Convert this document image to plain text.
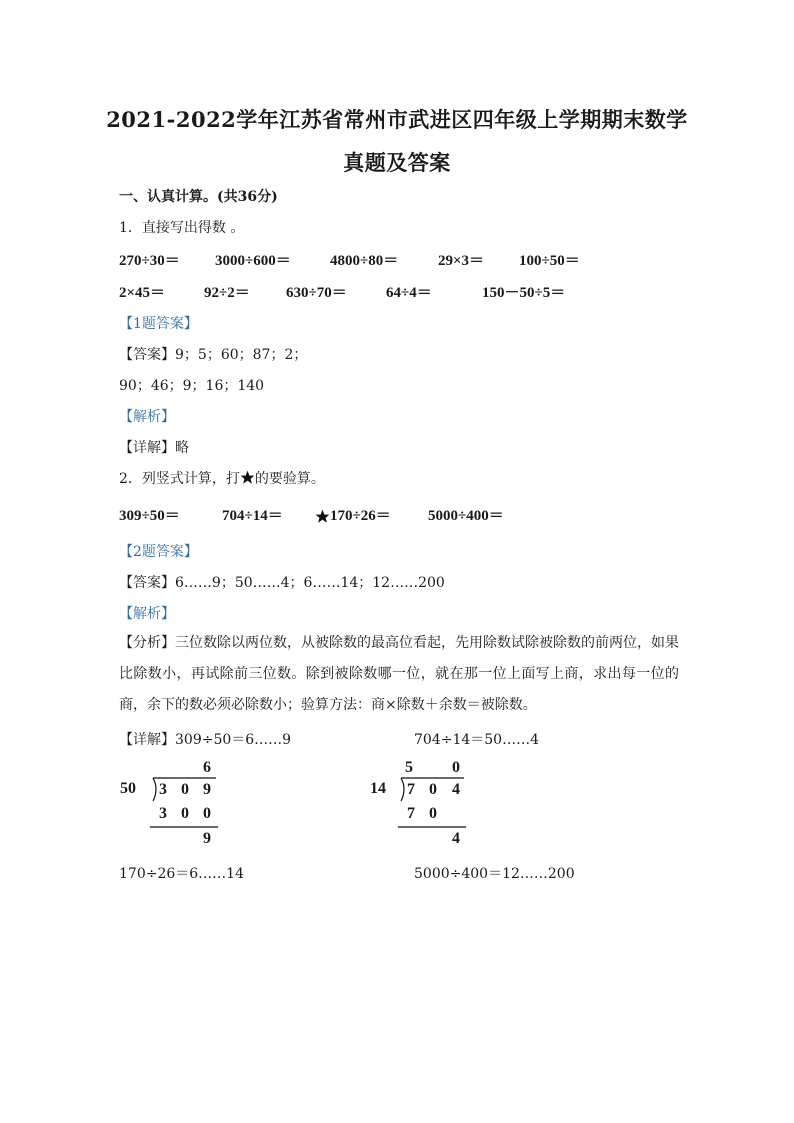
2021-2022学年江苏省常州市武进区四年级上学期期末数学
真题及答案
一、认真计算。(共36分)
1．直接写出得数 。
270÷30＝ 3000÷600＝	4800÷80＝	29×3＝ 100÷50＝
2×45＝	92÷2＝ 630÷70＝	64÷4＝	150－50÷5＝
【1题答案】
【答案】9；5；60；87；2；
90；46；9；16；140
【解析】
【详解】略
2．列竖式计算，打 的要验算。
309÷50＝	704÷14＝	170÷26＝ 5000÷400＝
【2题答案】
【答案】6……9；50……4；6……14；12……200
【解析】
【分析】三位数除以两位数，从被除数的最高位看起，先用除数试除被除数的前两位，如果比除数小，再试除前三位数。除到被除数哪一位，就在那一位上面写上商，求出每一位的商，余下的数必须必除数小；验算方法：商×除数＋余数＝被除数。
【详解】309÷50＝6……9	704÷14＝50……4
6
50 3 0 9
3 0 0
9
5 0
14 7 0 4
7 0
4
170÷26＝6……14	5000÷400＝12……200
